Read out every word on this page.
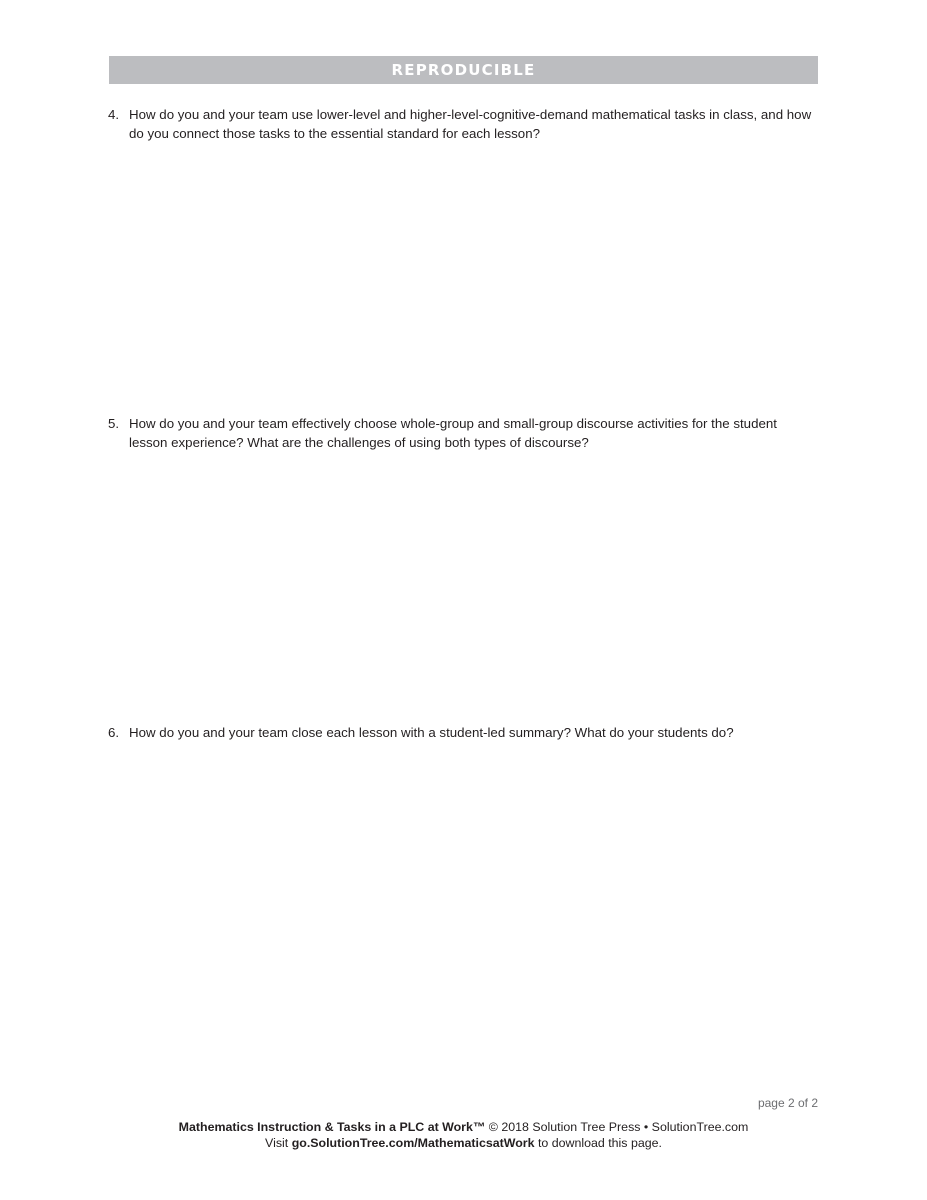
REPRODUCIBLE
4. How do you and your team use lower-level and higher-level-cognitive-demand mathematical tasks in class, and how do you connect those tasks to the essential standard for each lesson?
5. How do you and your team effectively choose whole-group and small-group discourse activities for the student lesson experience? What are the challenges of using both types of discourse?
6. How do you and your team close each lesson with a student-led summary? What do your students do?
page 2 of 2
Mathematics Instruction & Tasks in a PLC at Work™ © 2018 Solution Tree Press • SolutionTree.com
Visit go.SolutionTree.com/MathematicsatWork to download this page.
